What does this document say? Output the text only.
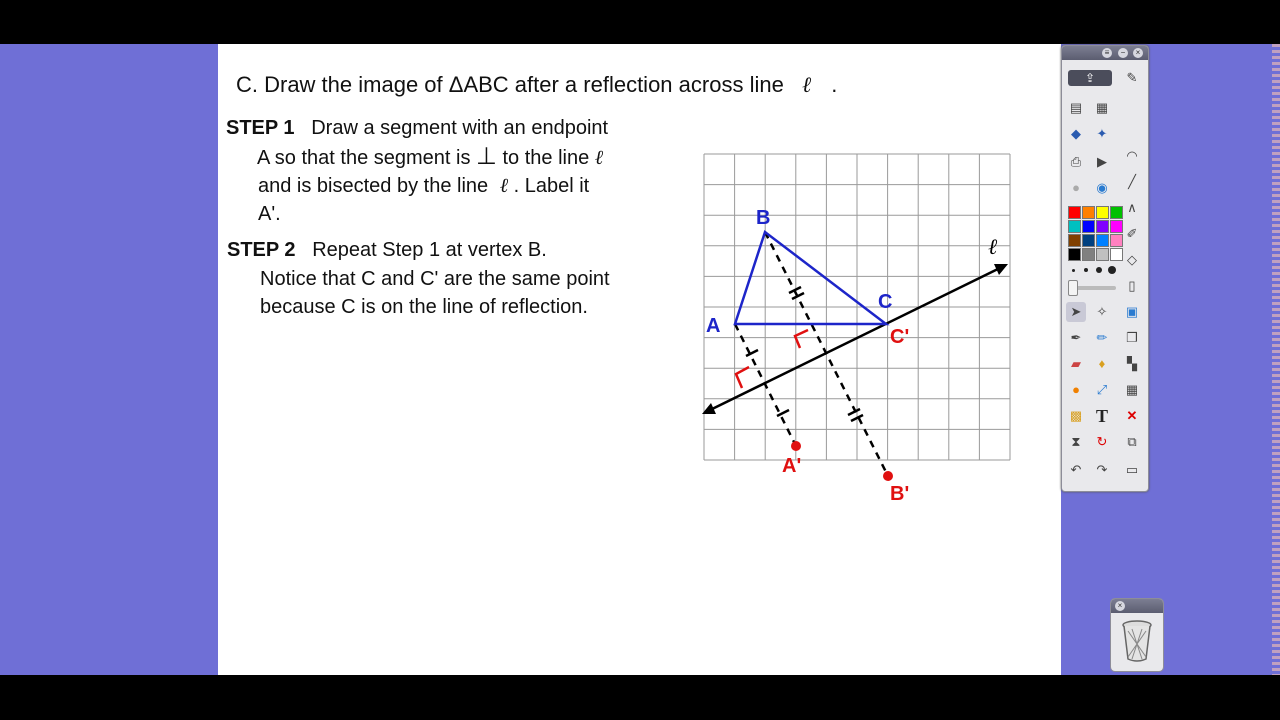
C. Draw the image of ΔABC after a reflection across line ℓ .
STEP 1 Draw a segment with an endpoint
A so that the segment is ⊥ to the line ℓ
and is bisected by the line ℓ . Label it
A'.
STEP 2 Repeat Step 1 at vertex B.
Notice that C and C' are the same point
because C is on the line of reflection.
ℓ
A
B
C
C'
A'
B'
≡	−	×
⇪	✎
▤ ▦
◆	✦
⎙	▶	◠
●	◉	╱
∧
✐
◇
▯
➤	✧	▣
✒	✏	❐
▰	♦	▚
●	⤢	▦
▩ T	✕
⧗	↻	⧉
↶	↷	▭
×
